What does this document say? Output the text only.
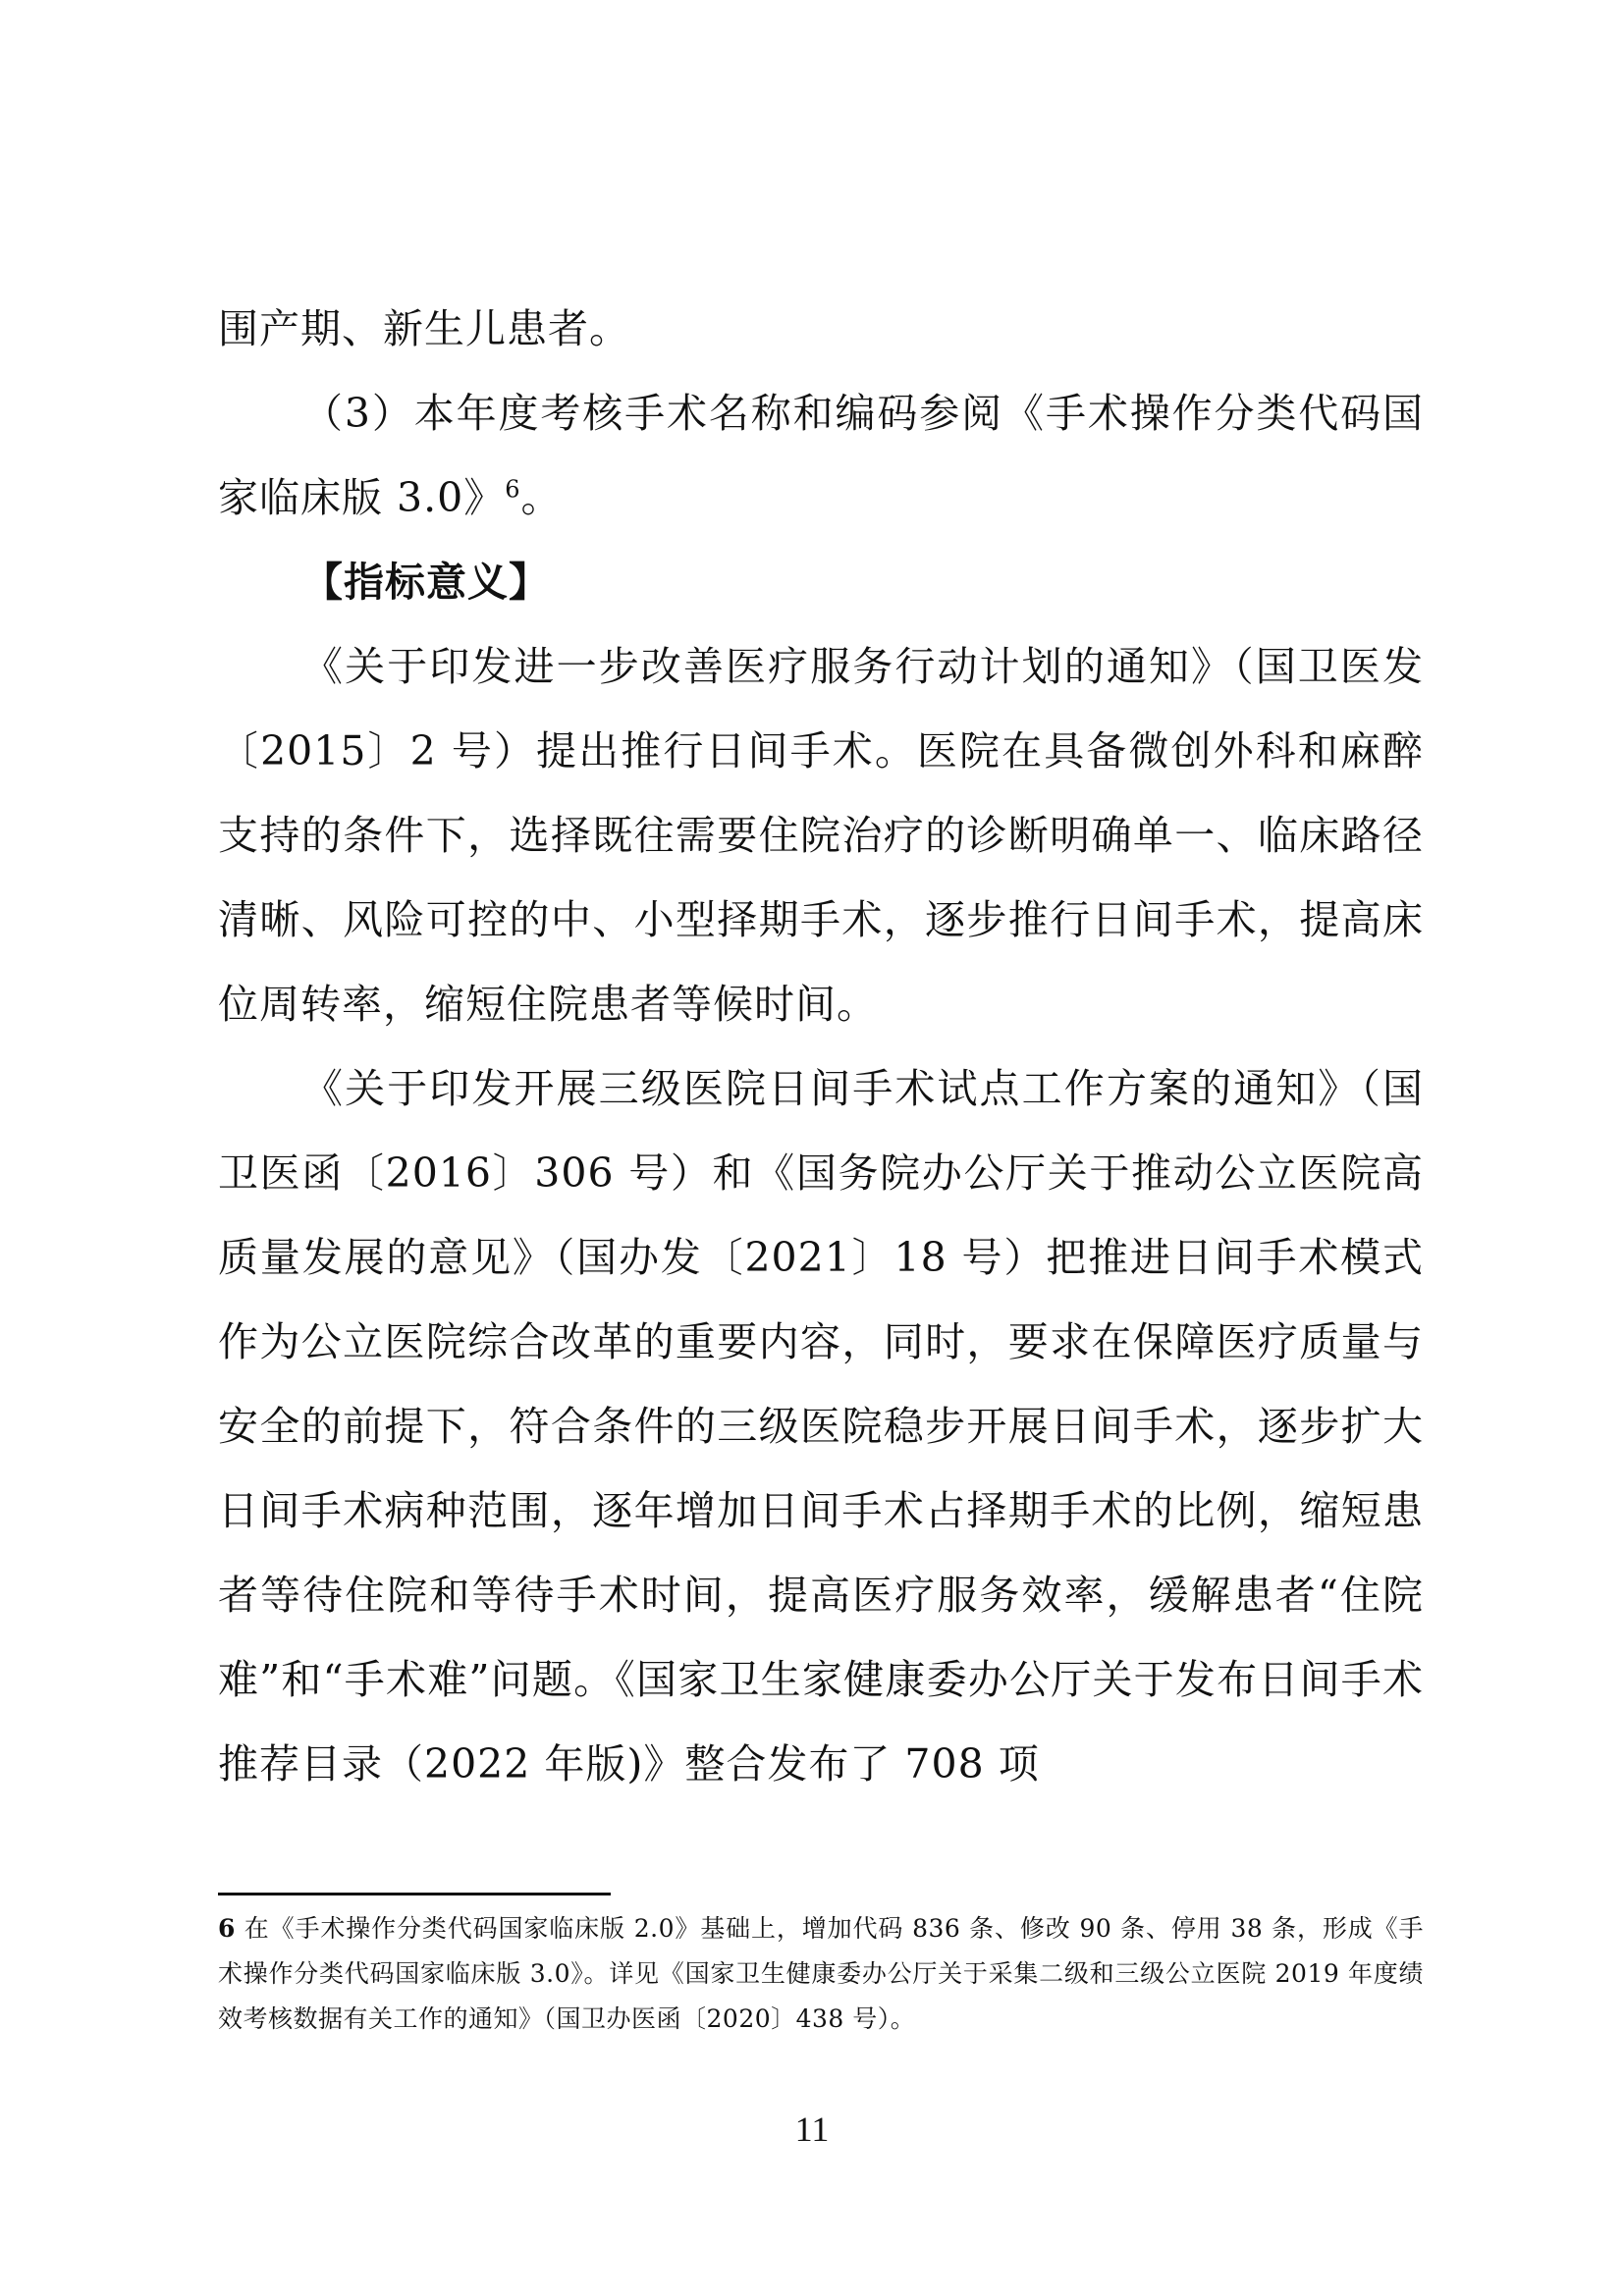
围产期、新生儿患者。

（3）本年度考核手术名称和编码参阅《手术操作分类代码国家临床版 3.0》$^6$。

【指标意义】

《关于印发进一步改善医疗服务行动计划的通知》（国卫医发〔2015〕2 号）提出推行日间手术。医院在具备微创外科和麻醉支持的条件下，选择既往需要住院治疗的诊断明确单一、临床路径清晰、风险可控的中、小型择期手术，逐步推行日间手术，提高床位周转率，缩短住院患者等候时间。

《关于印发开展三级医院日间手术试点工作方案的通知》（国卫医函〔2016〕306 号）和《国务院办公厅关于推动公立医院高质量发展的意见》（国办发〔2021〕18 号）把推进日间手术模式作为公立医院综合改革的重要内容，同时，要求在保障医疗质量与安全的前提下，符合条件的三级医院稳步开展日间手术，逐步扩大日间手术病种范围，逐年增加日间手术占择期手术的比例，缩短患者等待住院和等待手术时间，提高医疗服务效率，缓解患者“住院难”和“手术难”问题。《国家卫生家健康委办公厅关于发布日间手术推荐目录（2022 年版)》整合发布了 708 项

6 在《手术操作分类代码国家临床版 2.0》基础上，增加代码 836 条、修改 90 条、停用 38 条，形成《手术操作分类代码国家临床版 3.0》。详见《国家卫生健康委办公厅关于采集二级和三级公立医院 2019 年度绩效考核数据有关工作的通知》（国卫办医函〔2020〕438 号）。
11
